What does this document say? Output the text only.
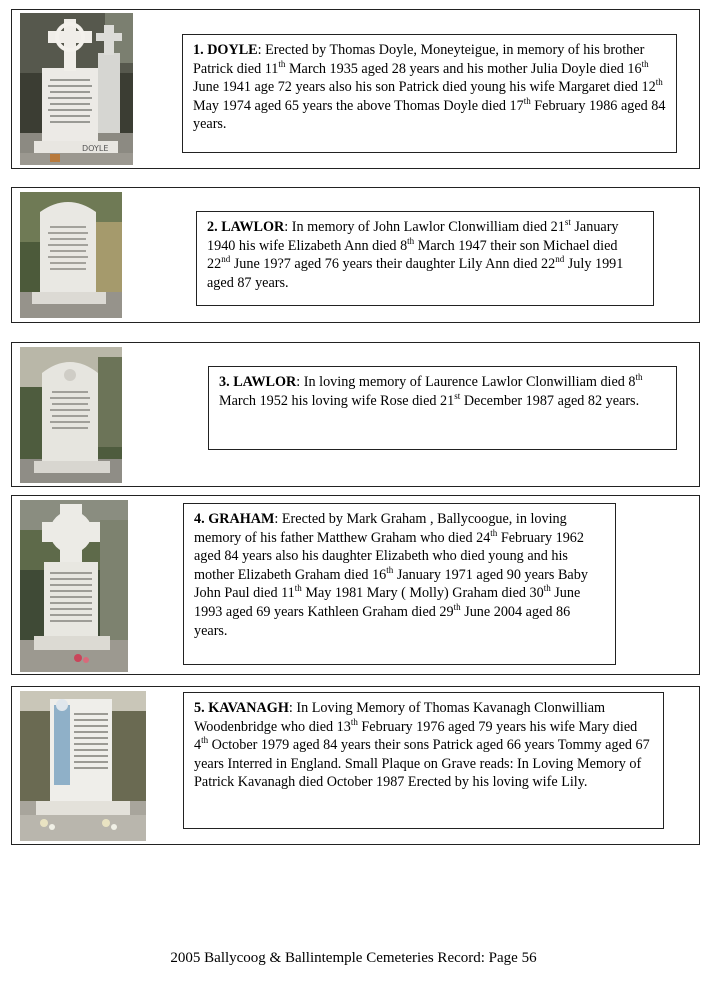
DOYLE
1. DOYLE: Erected by Thomas Doyle, Moneyteigue, in memory of his brother Patrick died 11th March 1935 aged 28 years and his mother Julia Doyle died 16th June 1941 age 72 years also his son Patrick died young his wife Margaret died 12th May 1974 aged 65 years the above Thomas Doyle died 17th February 1986 aged 84 years.
2. LAWLOR: In memory of John Lawlor Clonwilliam died 21st January 1940 his wife Elizabeth Ann died 8th March 1947 their son Michael died 22nd June 19?7 aged 76 years their daughter Lily Ann died 22nd July 1991 aged 87 years.
3. LAWLOR: In loving memory of Laurence Lawlor Clonwilliam died 8th March 1952 his loving wife Rose died 21st December 1987 aged 82 years.
4. GRAHAM: Erected by Mark Graham , Ballycoogue, in loving memory of his father Matthew Graham who died 24th February 1962 aged 84 years also his daughter Elizabeth who died young and his mother Elizabeth Graham died 16th January 1971 aged 90 years Baby John Paul died 11th May 1981 Mary ( Molly) Graham died 30th June 1993 aged 69 years Kathleen Graham died 29th June 2004 aged 86 years.
5. KAVANAGH: In Loving Memory of Thomas Kavanagh Clonwilliam Woodenbridge who died 13th February 1976 aged 79 years his wife Mary died 4th October 1979 aged 84 years their sons Patrick aged 66 years Tommy aged 67 years Interred in England. Small Plaque on Grave reads: In Loving Memory of Patrick Kavanagh died October 1987 Erected by his loving wife Lily.
2005 Ballycoog & Ballintemple Cemeteries Record: Page 56
